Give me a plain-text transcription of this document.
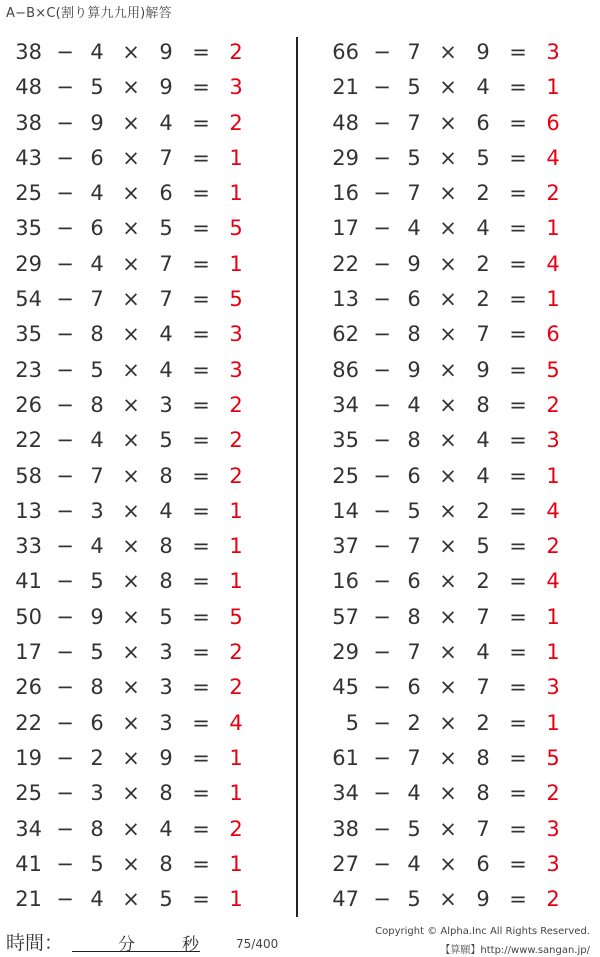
A−B×C(割り算九九用)解答
38 − 4 × 9 = 2
48 − 5 × 9 = 3
38 − 9 × 4 = 2
43 − 6 × 7 = 1
25 − 4 × 6 = 1
35 − 6 × 5 = 5
29 − 4 × 7 = 1
54 − 7 × 7 = 5
35 − 8 × 4 = 3
23 − 5 × 4 = 3
26 − 8 × 3 = 2
22 − 4 × 5 = 2
58 − 7 × 8 = 2
13 − 3 × 4 = 1
33 − 4 × 8 = 1
41 − 5 × 8 = 1
50 − 9 × 5 = 5
17 − 5 × 3 = 2
26 − 8 × 3 = 2
22 − 6 × 3 = 4
19 − 2 × 9 = 1
25 − 3 × 8 = 1
34 − 8 × 4 = 2
41 − 5 × 8 = 1
21 − 4 × 5 = 1
66 − 7 × 9 = 3
21 − 5 × 4 = 1
48 − 7 × 6 = 6
29 − 5 × 5 = 4
16 − 7 × 2 = 2
17 − 4 × 4 = 1
22 − 9 × 2 = 4
13 − 6 × 2 = 1
62 − 8 × 7 = 6
86 − 9 × 9 = 5
34 − 4 × 8 = 2
35 − 8 × 4 = 3
25 − 6 × 4 = 1
14 − 5 × 2 = 4
37 − 7 × 5 = 2
16 − 6 × 2 = 4
57 − 8 × 7 = 1
29 − 7 × 4 = 1
45 − 6 × 7 = 3
5 − 2 × 2 = 1
61 − 7 × 8 = 5
34 − 4 × 8 = 2
38 − 5 × 7 = 3
27 − 4 × 6 = 3
47 − 5 × 9 = 2
時間：	分	秒	75/400
Copyright © Alpha.Inc All Rights Reserved.
【算願】http://www.sangan.jp/
